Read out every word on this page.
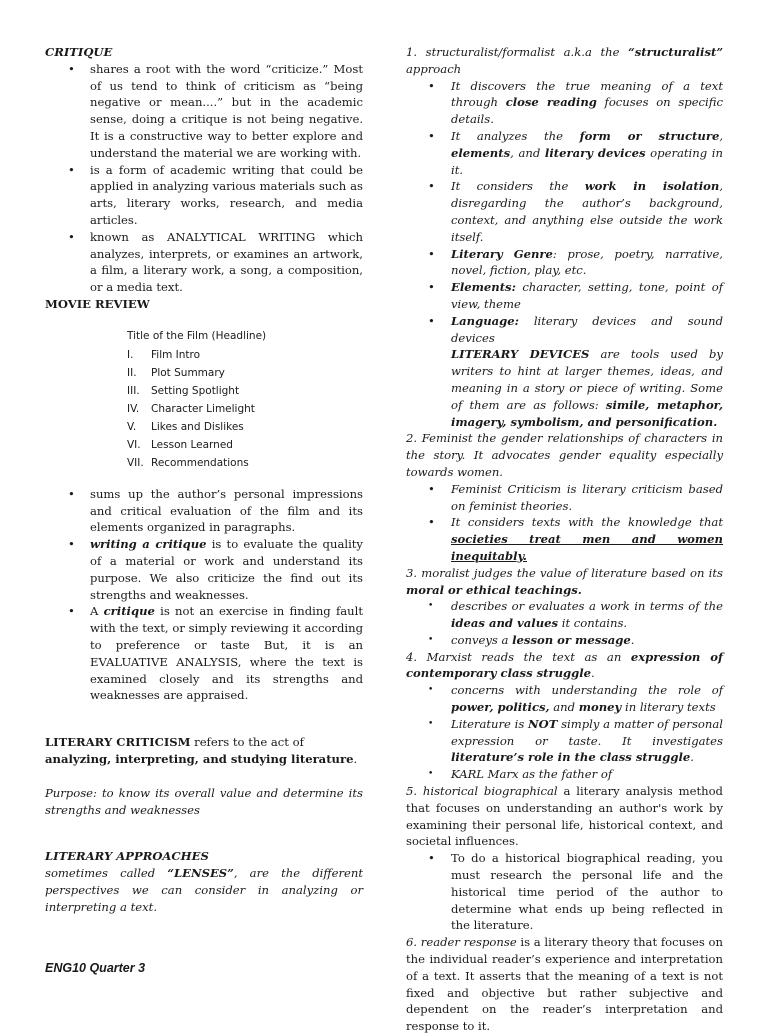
CRITIQUE

• shares a root with the word “criticize.” Most of us tend to think of criticism as “being negative or mean....” but in the academic sense, doing a critique is not being negative. It is a constructive way to better explore and understand the material we are working with.
• is a form of academic writing that could be applied in analyzing various materials such as arts, literary works, research, and media articles.
• known as ANALYTICAL WRITING which analyzes, interprets, or examines an artwork, a film, a literary work, a song, a composition, or a media text.

MOVIE REVIEW

Title of the Film (Headline)
I.	Film Intro
II.	Plot Summary
III.	Setting Spotlight
IV.	Character Limelight
V.	Likes and Dislikes
VI. Lesson Learned
VII. Recommendations
• sums up the author’s personal impressions and critical evaluation of the film and its elements organized in paragraphs.
• writing a critique is to evaluate the quality of a material or work and understand its purpose. We also criticize the find out its strengths and weaknesses.
• A critique is not an exercise in finding fault with the text, or simply reviewing it according to preference or taste But, it is an EVALUATIVE ANALYSIS, where the text is examined closely and its strengths and weaknesses are appraised.

LITERARY CRITICISM refers to the act of analyzing, interpreting, and studying literature.

Purpose: to know its overall value and determine its strengths and weaknesses

LITERARY APPROACHES

sometimes called “LENSES”, are the different perspectives we can consider in analyzing or interpreting a text.

1. structuralist/formalist a.k.a the “structuralist” approach

• It discovers the true meaning of a text through close reading focuses on specific details.
• It analyzes the form or structure, elements, and literary devices operating in it.
• It considers the work in isolation, disregarding the author’s background, context, and anything else outside the work itself.
• Literary Genre: prose, poetry, narrative, novel, fiction, play, etc.
• Elements: character, setting, tone, point of view, theme
• Language: literary devices and sound devices
LITERARY DEVICES are tools used by writers to hint at larger themes, ideas, and meaning in a story or piece of writing. Some of them are as follows: simile, metaphor, imagery, symbolism, and personification.

2. Feminist the gender relationships of characters in the story. It advocates gender equality especially towards women.

• Feminist Criticism is literary criticism based on feminist theories.
• It considers texts with the knowledge that societies treat men and women inequitably.

3. moralist judges the value of literature based on its moral or ethical teachings.

• describes or evaluates a work in terms of the ideas and values it contains.
• conveys a lesson or message.

4. Marxist reads the text as an expression of contemporary class struggle.

• concerns with understanding the role of power, politics, and money in literary texts
• Literature is NOT simply a matter of personal expression or taste. It investigates literature’s role in the class struggle.
• KARL Marx as the father of

5. historical biographical a literary analysis method that focuses on understanding an author's work by examining their personal life, historical context, and societal influences.

• To do a historical biographical reading, you must research the personal life and the historical time period of the author to determine what ends up being reflected in the literature.

6. reader response is a literary theory that focuses on the individual reader’s experience and interpretation of a text. It asserts that the meaning of a text is not fixed and objective but rather subjective and dependent on the reader’s interpretation and response to it.

ENG10 Quarter 3
